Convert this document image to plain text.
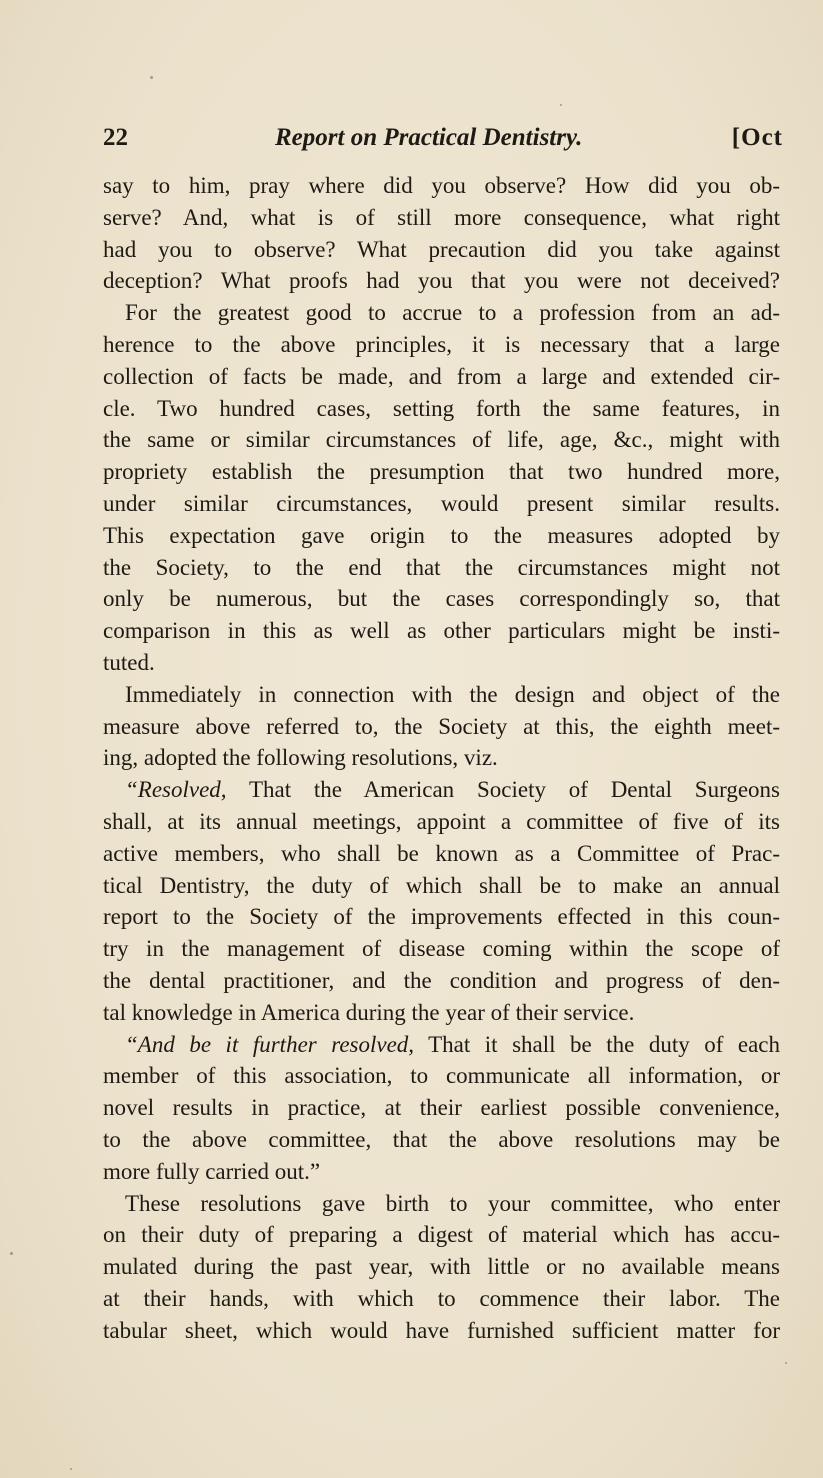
22	Report on Practical Dentistry.	[Oct
say to him, pray where did you observe? How did you ob-
serve? And, what is of still more consequence, what right
had you to observe? What precaution did you take against
deception? What proofs had you that you were not deceived?
For the greatest good to accrue to a profession from an ad-
herence to the above principles, it is necessary that a large
collection of facts be made, and from a large and extended cir-
cle. Two hundred cases, setting forth the same features, in
the same or similar circumstances of life, age, &c., might with
propriety establish the presumption that two hundred more,
under similar circumstances, would present similar results.
This expectation gave origin to the measures adopted by
the Society, to the end that the circumstances might not
only be numerous, but the cases correspondingly so, that
comparison in this as well as other particulars might be insti-
tuted.
Immediately in connection with the design and object of the
measure above referred to, the Society at this, the eighth meet-
ing, adopted the following resolutions, viz.
“Resolved, That the American Society of Dental Surgeons
shall, at its annual meetings, appoint a committee of five of its
active members, who shall be known as a Committee of Prac-
tical Dentistry, the duty of which shall be to make an annual
report to the Society of the improvements effected in this coun-
try in the management of disease coming within the scope of
the dental practitioner, and the condition and progress of den-
tal knowledge in America during the year of their service.
“And be it further resolved, That it shall be the duty of each
member of this association, to communicate all information, or
novel results in practice, at their earliest possible convenience,
to the above committee, that the above resolutions may be
more fully carried out.”
These resolutions gave birth to your committee, who enter
on their duty of preparing a digest of material which has accu-
mulated during the past year, with little or no available means
at their hands, with which to commence their labor. The
tabular sheet, which would have furnished sufficient matter for
